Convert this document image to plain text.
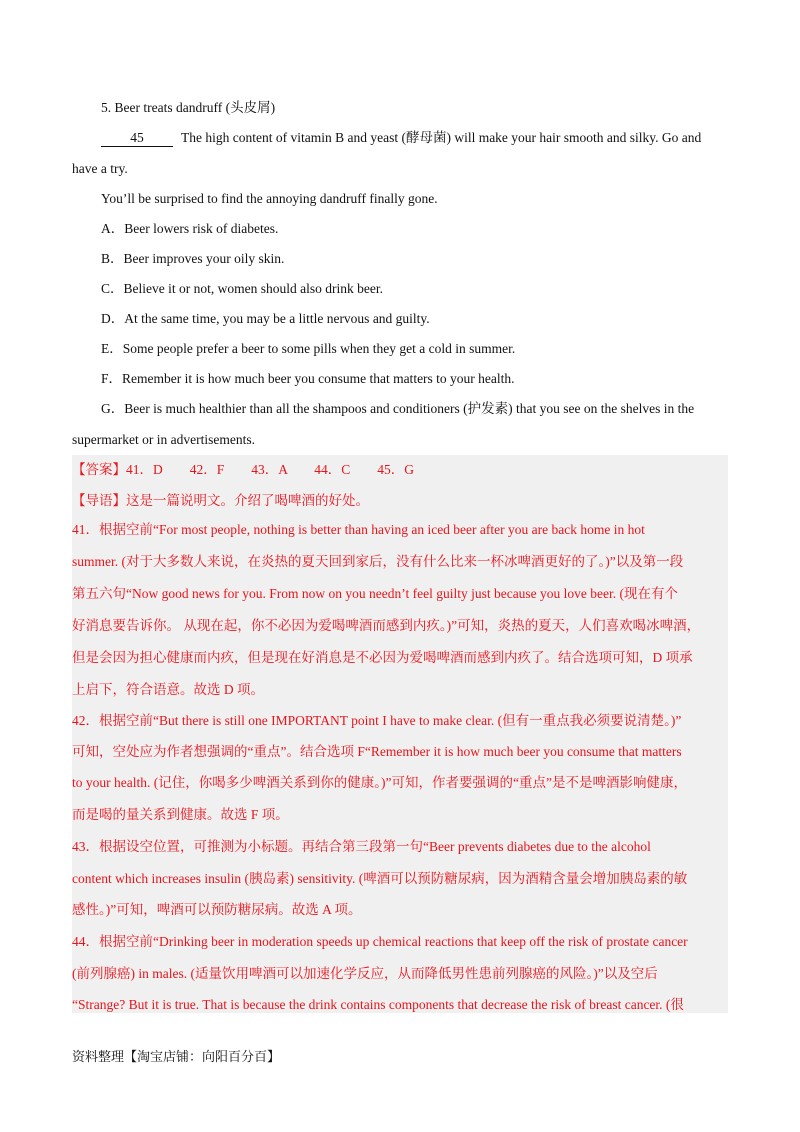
5. Beer treats dandruff (头皮屑)
45	The high content of vitamin B and yeast (酵母菌) will make your hair smooth and silky. Go and
have a try.
You’ll be surprised to find the annoying dandruff finally gone.
A．Beer lowers risk of diabetes.
B．Beer improves your oily skin.
C．Believe it or not, women should also drink beer.
D．At the same time, you may be a little nervous and guilty.
E．Some people prefer a beer to some pills when they get a cold in summer.
F．Remember it is how much beer you consume that matters to your health.
G．Beer is much healthier than all the shampoos and conditioners (护发素) that you see on the shelves in the
supermarket or in advertisements.
【答案】41．D　　42．F　　43．A　　44．C　　45．G
【导语】这是一篇说明文。介绍了喝啤酒的好处。
41．根据空前“For most people, nothing is better than having an iced beer after you are back home in hot
summer. (对于大多数人来说，在炎热的夏天回到家后，没有什么比来一杯冰啤酒更好的了。)”以及第一段
第五六句“Now good news for you. From now on you needn’t feel guilty just because you love beer. (现在有个
好消息要告诉你。 从现在起，你不必因为爱喝啤酒而感到内疚。)”可知，炎热的夏天，人们喜欢喝冰啤酒，
但是会因为担心健康而内疚，但是现在好消息是不必因为爱喝啤酒而感到内疚了。结合选项可知，D 项承
上启下，符合语意。故选 D 项。
42．根据空前“But there is still one IMPORTANT point I have to make clear. (但有一重点我必须要说清楚。)”
可知，空处应为作者想强调的“重点”。结合选项 F“Remember it is how much beer you consume that matters
to your health. (记住，你喝多少啤酒关系到你的健康。)”可知，作者要强调的“重点”是不是啤酒影响健康，
而是喝的量关系到健康。故选 F 项。
43．根据设空位置，可推测为小标题。再结合第三段第一句“Beer prevents diabetes due to the alcohol
content which increases insulin (胰岛素) sensitivity. (啤酒可以预防糖尿病，因为酒精含量会增加胰岛素的敏
感性。)”可知，啤酒可以预防糖尿病。故选 A 项。
44．根据空前“Drinking beer in moderation speeds up chemical reactions that keep off the risk of prostate cancer
(前列腺癌) in males. (适量饮用啤酒可以加速化学反应，从而降低男性患前列腺癌的风险。)”以及空后
“Strange? But it is true. That is because the drink contains components that decrease the risk of breast cancer. (很
资料整理【淘宝店铺：向阳百分百】
